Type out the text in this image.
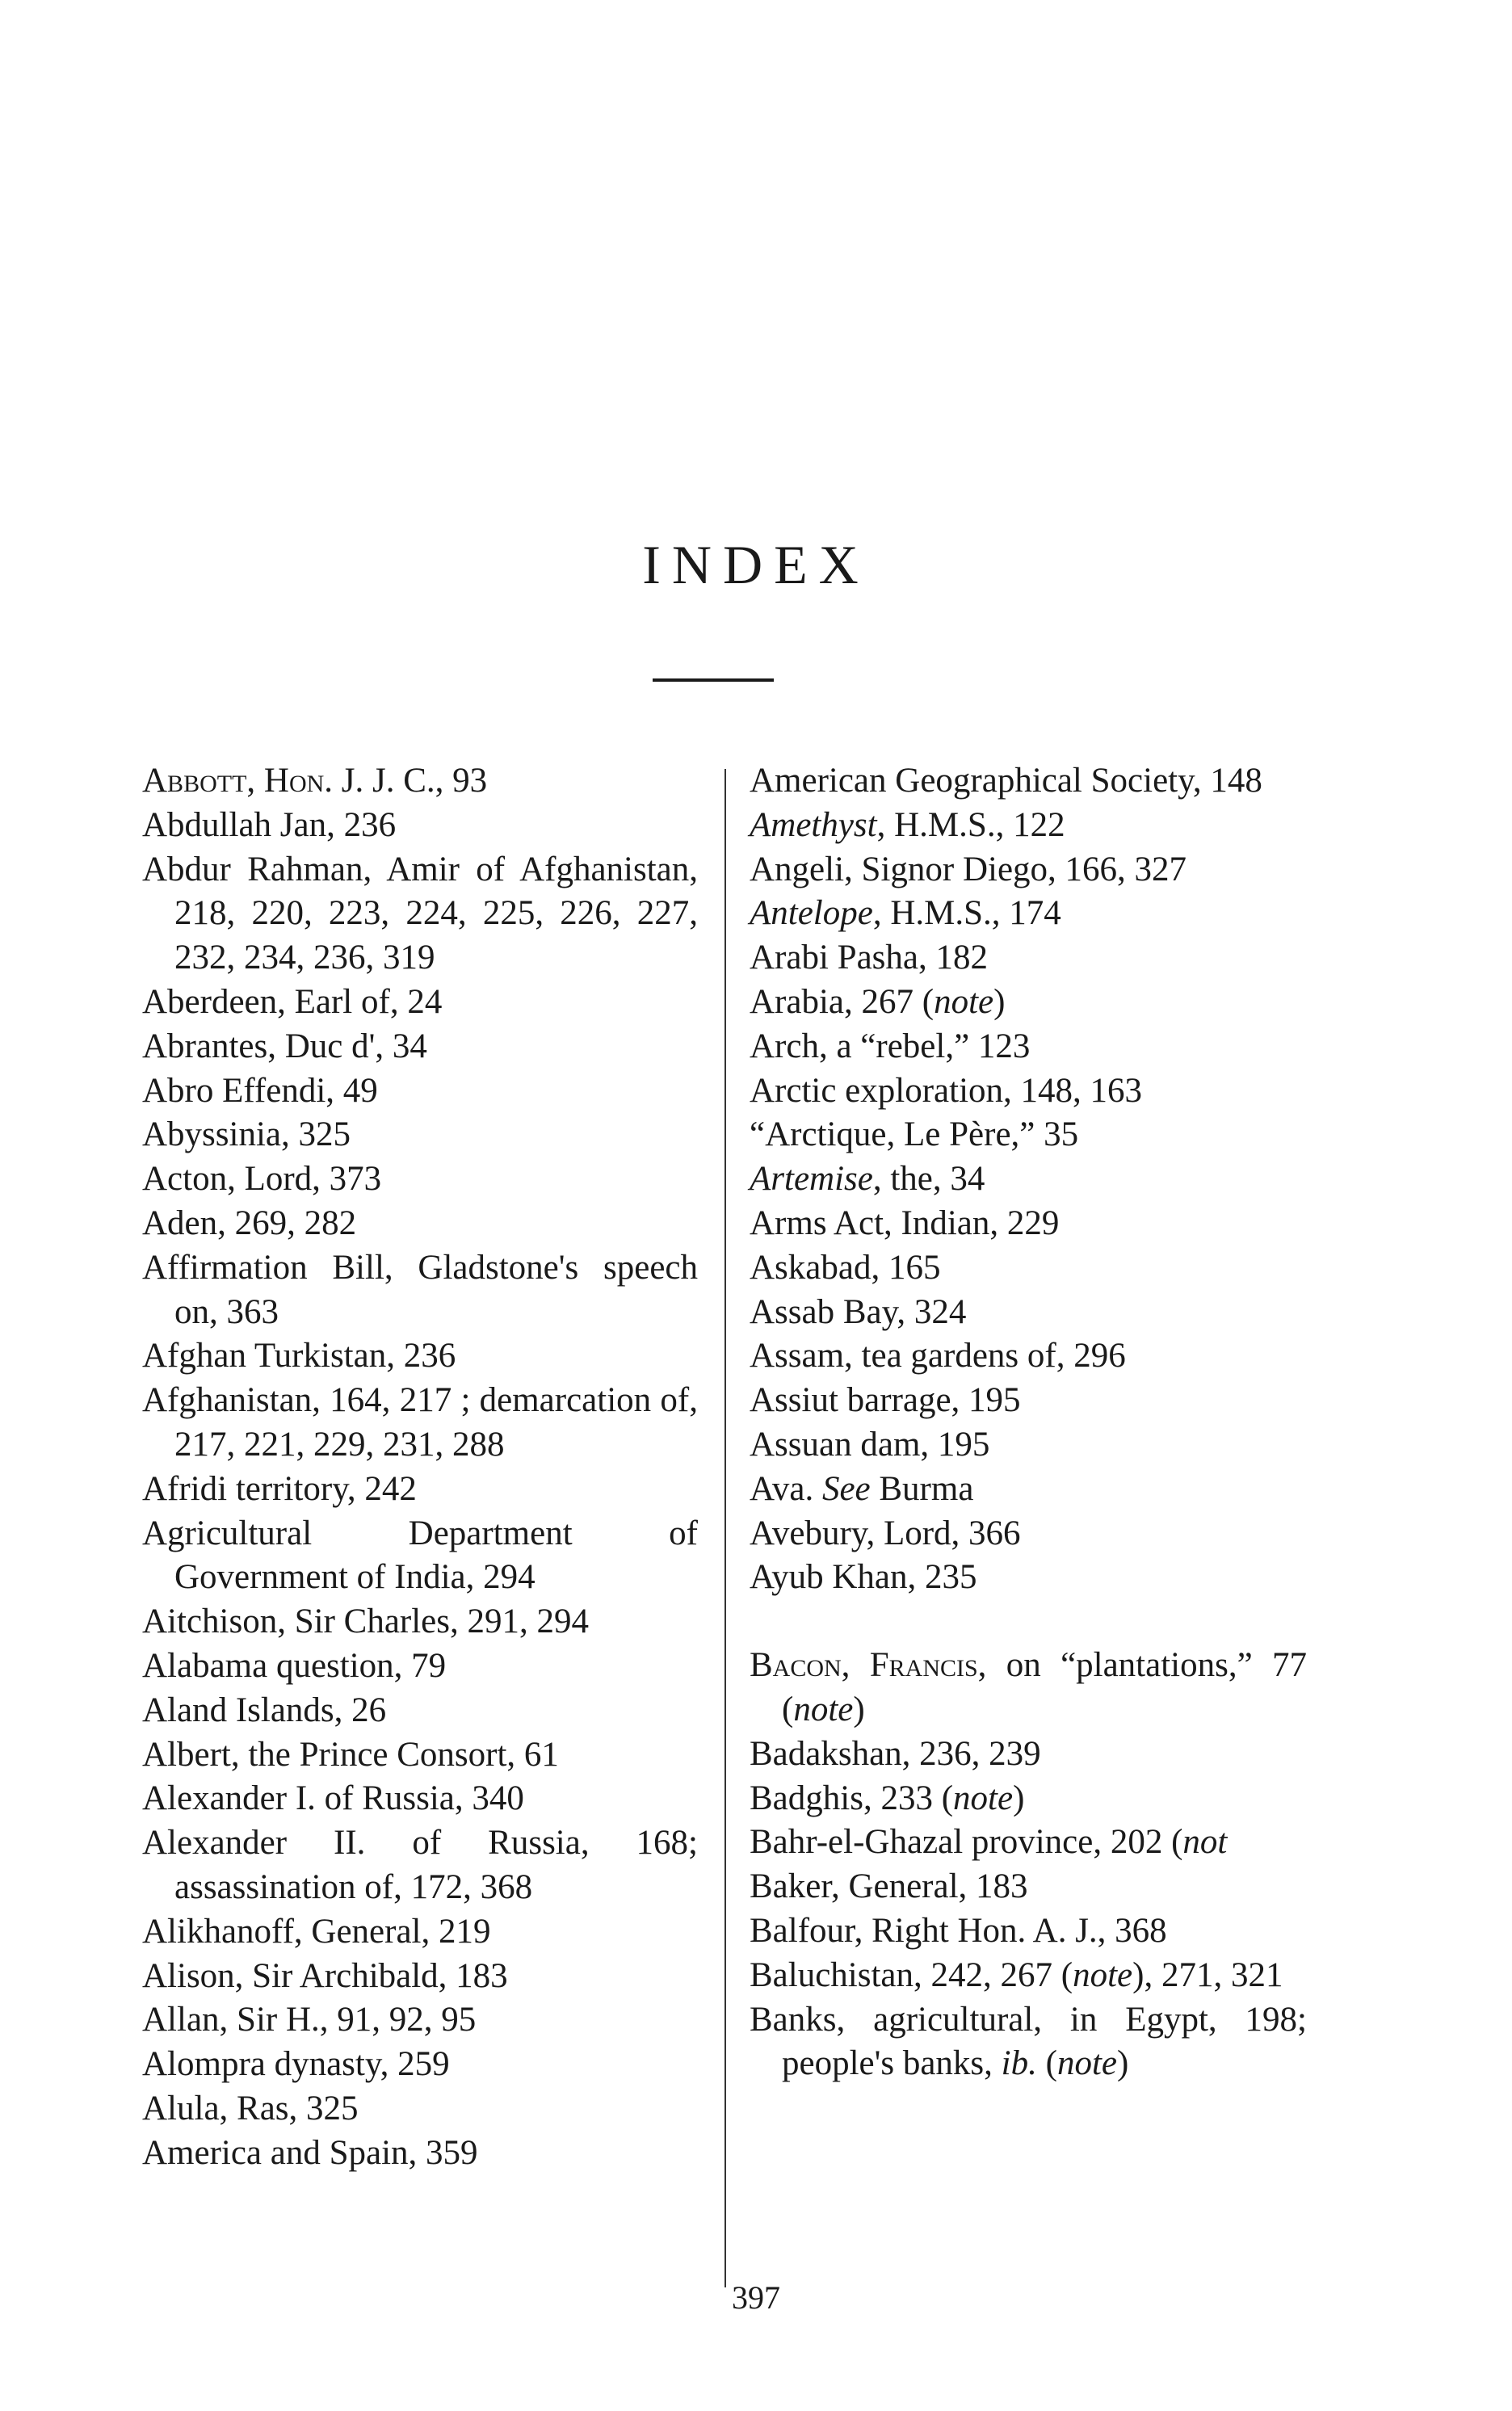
INDEX

Abbott, Hon. J. J. C., 93

Abdullah Jan, 236

Abdur Rahman, Amir of Afghanistan, 218, 220, 223, 224, 225, 226, 227, 232, 234, 236, 319

Aberdeen, Earl of, 24

Abrantes, Duc d', 34

Abro Effendi, 49

Abyssinia, 325

Acton, Lord, 373

Aden, 269, 282

Affirmation Bill, Gladstone's speech on, 363

Afghan Turkistan, 236

Afghanistan, 164, 217 ; demarcation of, 217, 221, 229, 231, 288

Afridi territory, 242

Agricultural Department of Government of India, 294

Aitchison, Sir Charles, 291, 294

Alabama question, 79

Aland Islands, 26

Albert, the Prince Consort, 61

Alexander I. of Russia, 340

Alexander II. of Russia, 168; assassination of, 172, 368

Alikhanoff, General, 219

Alison, Sir Archibald, 183

Allan, Sir H., 91, 92, 95

Alompra dynasty, 259

Alula, Ras, 325

America and Spain, 359

American Geographical Society, 148

Amethyst, H.M.S., 122

Angeli, Signor Diego, 166, 327

Antelope, H.M.S., 174

Arabi Pasha, 182

Arabia, 267 (note)

Arch, a “rebel,” 123

Arctic exploration, 148, 163

“Arctique, Le Père,” 35

Artemise, the, 34

Arms Act, Indian, 229

Askabad, 165

Assab Bay, 324

Assam, tea gardens of, 296

Assiut barrage, 195

Assuan dam, 195

Ava. See Burma

Avebury, Lord, 366

Ayub Khan, 235

Bacon, Francis, on “plantations,” 77 (note)

Badakshan, 236, 239

Badghis, 233 (note)

Bahr-el-Ghazal province, 202 (not

Baker, General, 183

Balfour, Right Hon. A. J., 368

Baluchistan, 242, 267 (note), 271, 321

Banks, agricultural, in Egypt, 198; people's banks, ib. (note)

397
